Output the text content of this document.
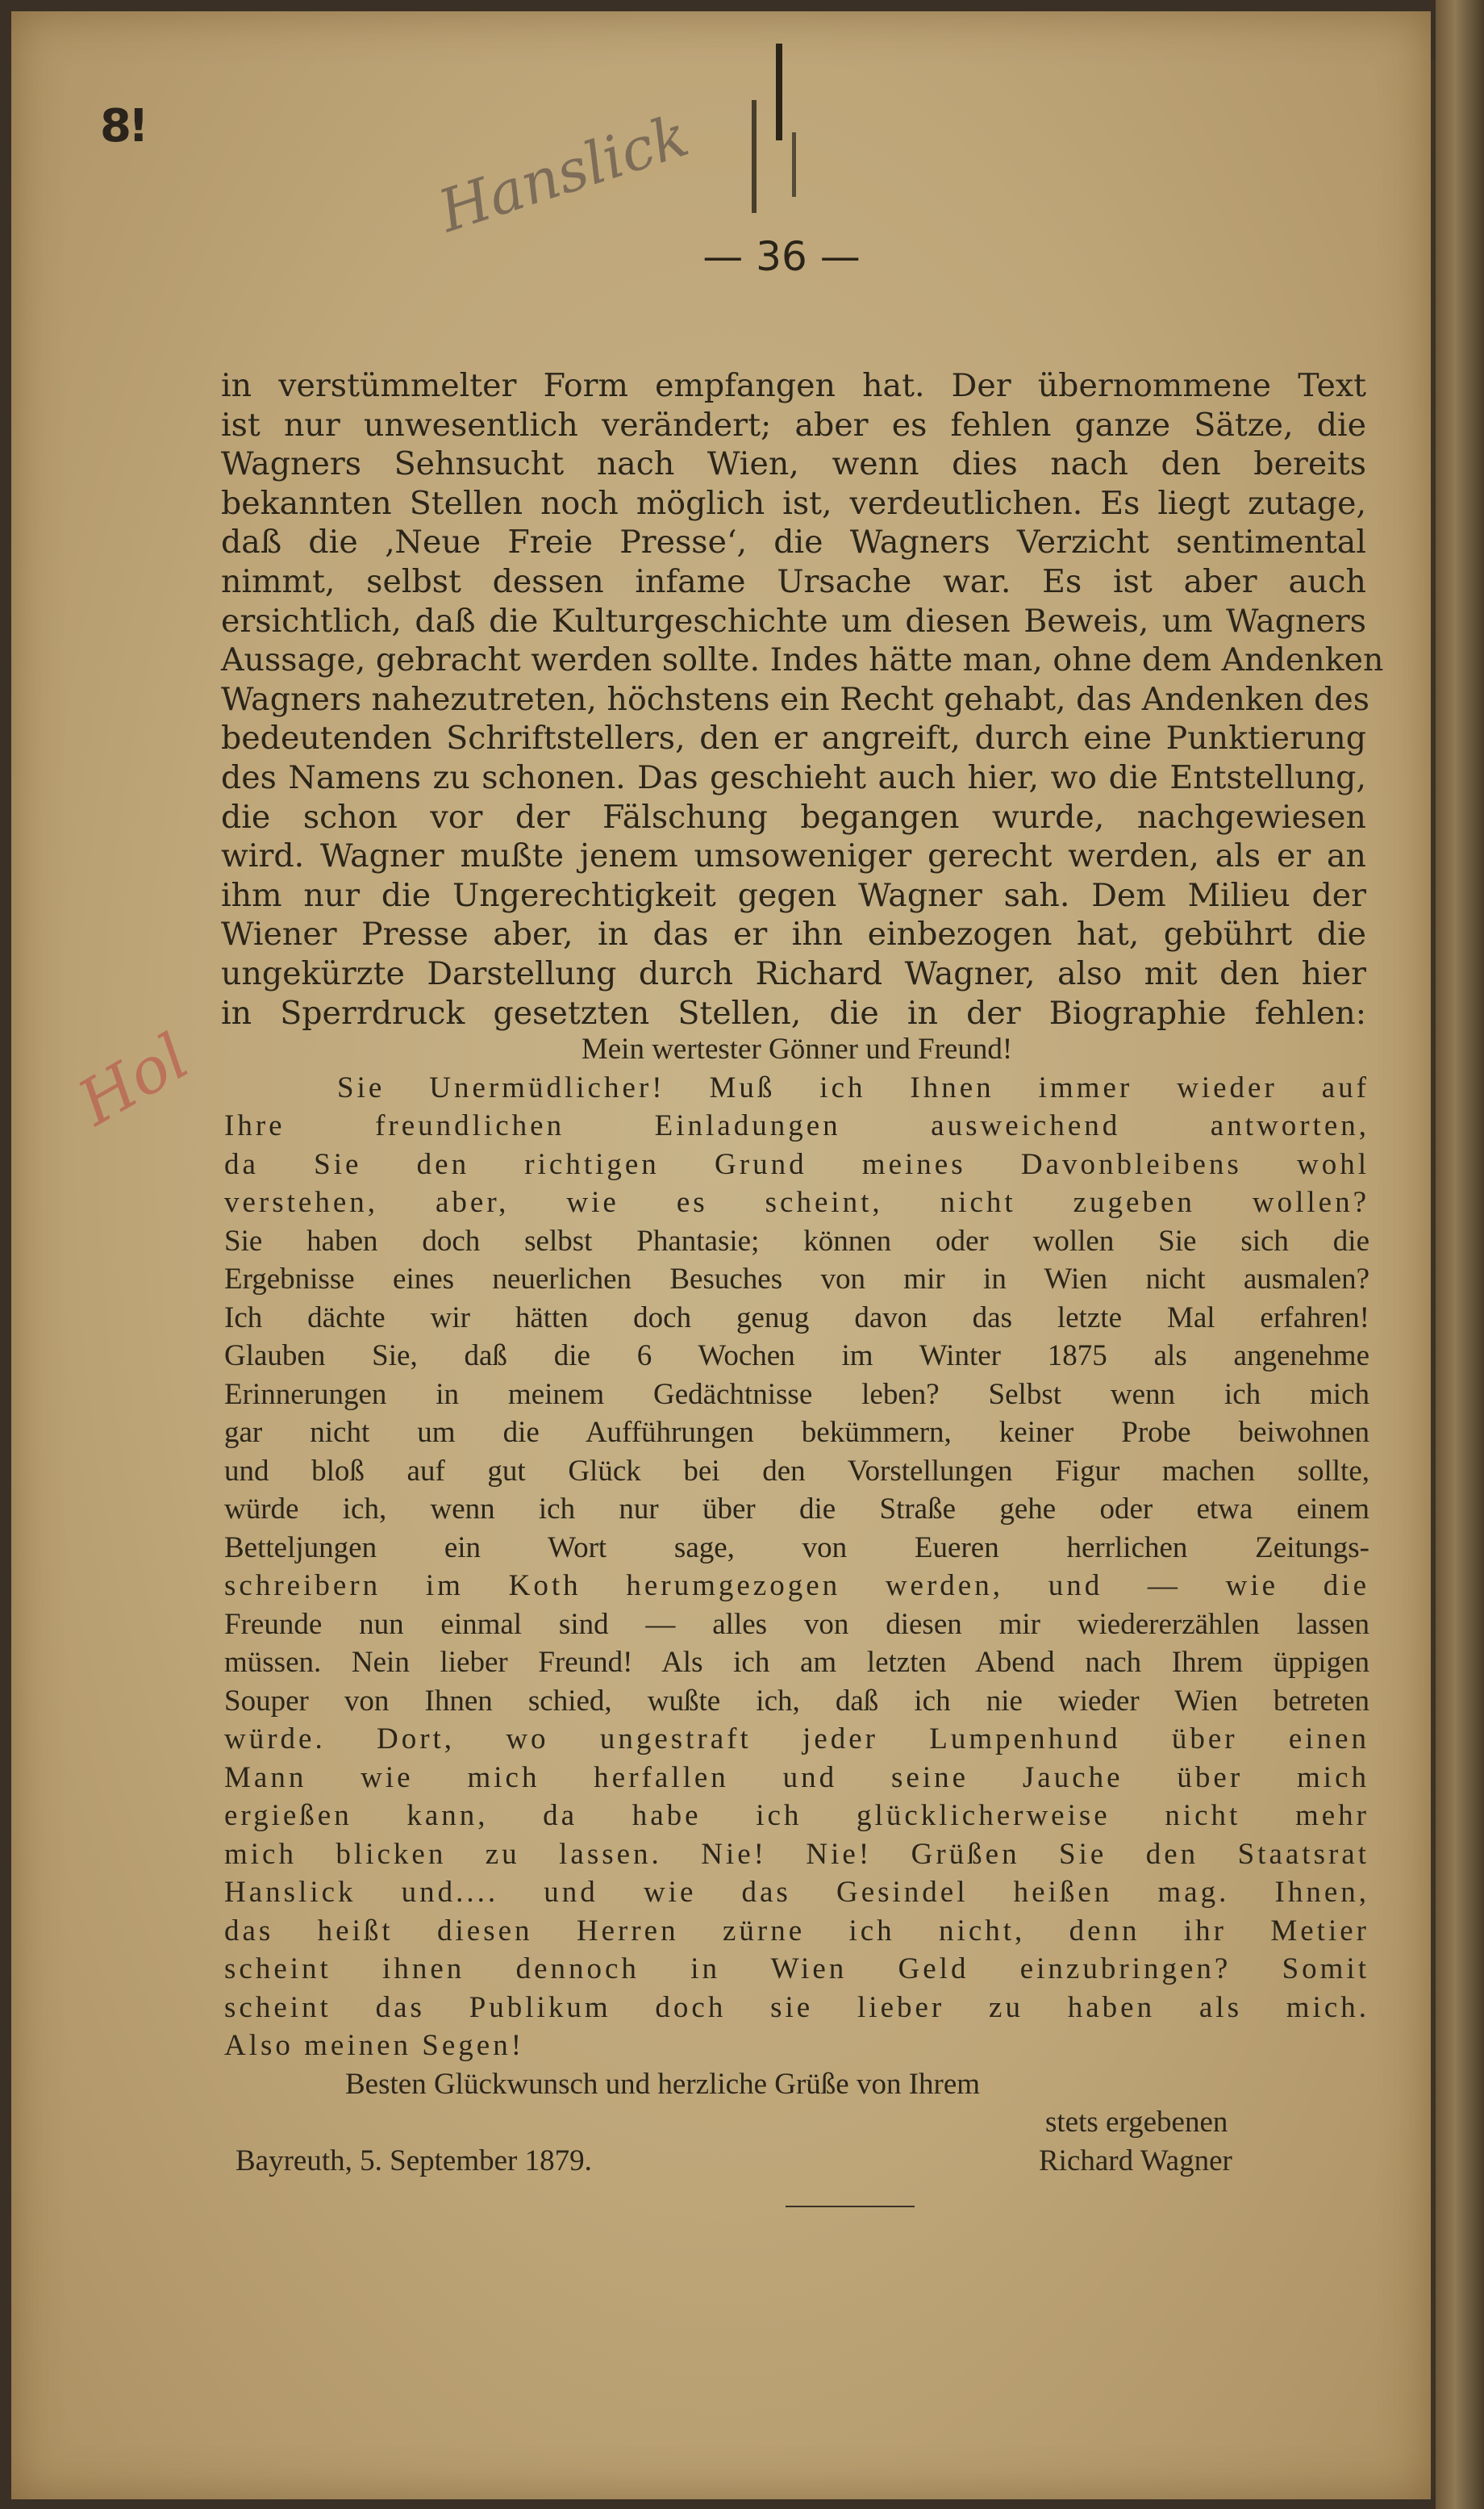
8!	Hanslick
Hol
— 36 —
in verstümmelter Form empfangen hat. Der übernommene Text
ist nur unwesentlich verändert; aber es fehlen ganze Sätze, die
Wagners Sehnsucht nach Wien, wenn dies nach den bereits
bekannten Stellen noch möglich ist, verdeutlichen. Es liegt zutage,
daß die ‚Neue Freie Presse‘, die Wagners Verzicht sentimental
nimmt, selbst dessen infame Ursache war. Es ist aber auch
ersichtlich, daß die Kulturgeschichte um diesen Beweis, um Wagners
Aussage, gebracht werden sollte. Indes hätte man, ohne dem Andenken
Wagners nahezutreten, höchstens ein Recht gehabt, das Andenken des
bedeutenden Schriftstellers, den er angreift, durch eine Punktierung
des Namens zu schonen. Das geschieht auch hier, wo die Entstellung,
die schon vor der Fälschung begangen wurde, nachgewiesen
wird. Wagner mußte jenem umsoweniger gerecht werden, als er an
ihm nur die Ungerechtigkeit gegen Wagner sah. Dem Milieu der
Wiener Presse aber, in das er ihn einbezogen hat, gebührt die
ungekürzte Darstellung durch Richard Wagner, also mit den hier
in Sperrdruck gesetzten Stellen, die in der Biographie fehlen:
Mein wertester Gönner und Freund!
Sie Unermüdlicher! Muß ich Ihnen immer wieder auf
Ihre freundlichen Einladungen ausweichend antworten,
da Sie den richtigen Grund meines Davonbleibens wohl
verstehen, aber, wie es scheint, nicht zugeben wollen?
Sie haben doch selbst Phantasie; können oder wollen Sie sich die
Ergebnisse eines neuerlichen Besuches von mir in Wien nicht ausmalen?
Ich dächte wir hätten doch genug davon das letzte Mal erfahren!
Glauben Sie, daß die 6 Wochen im Winter 1875 als angenehme
Erinnerungen in meinem Gedächtnisse leben? Selbst wenn ich mich
gar nicht um die Aufführungen bekümmern, keiner Probe beiwohnen
und bloß auf gut Glück bei den Vorstellungen Figur machen sollte,
würde ich, wenn ich nur über die Straße gehe oder etwa einem
Betteljungen ein Wort sage, von Eueren herrlichen Zeitungs-
schreibern im Koth herumgezogen werden, und — wie die
Freunde nun einmal sind — alles von diesen mir wiedererzählen lassen
müssen. Nein lieber Freund! Als ich am letzten Abend nach Ihrem üppigen
Souper von Ihnen schied, wußte ich, daß ich nie wieder Wien betreten
würde. Dort, wo ungestraft jeder Lumpenhund über einen
Mann wie mich herfallen und seine Jauche über mich
ergießen kann, da habe ich glücklicherweise nicht mehr
mich blicken zu lassen. Nie! Nie! Grüßen Sie den Staatsrat
Hanslick und.... und wie das Gesindel heißen mag. Ihnen,
das heißt diesen Herren zürne ich nicht, denn ihr Metier
scheint ihnen dennoch in Wien Geld einzubringen? Somit
scheint das Publikum doch sie lieber zu haben als mich.
Also meinen Segen!
Besten Glückwunsch und herzliche Grüße von Ihrem
stets ergebenen
Bayreuth, 5. September 1879.	Richard Wagner
